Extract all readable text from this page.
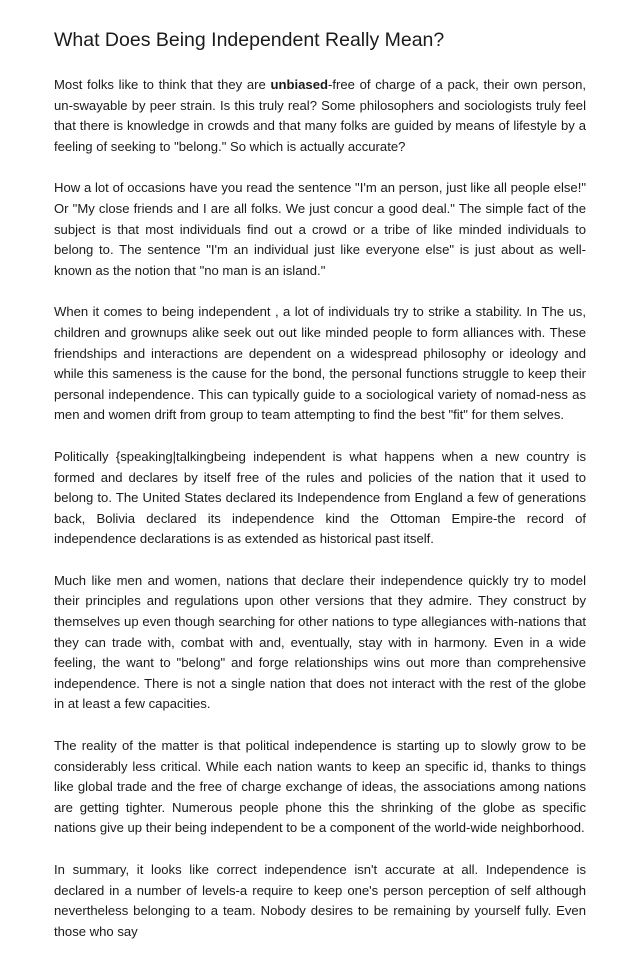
What Does Being Independent Really Mean?

Most folks like to think that they are unbiased-free of charge of a pack, their own person, un-swayable by peer strain. Is this truly real? Some philosophers and sociologists truly feel that there is knowledge in crowds and that many folks are guided by means of lifestyle by a feeling of seeking to "belong." So which is actually accurate?

How a lot of occasions have you read the sentence "I'm an person, just like all people else!" Or "My close friends and I are all folks. We just concur a good deal." The simple fact of the subject is that most individuals find out a crowd or a tribe of like minded individuals to belong to. The sentence "I'm an individual just like everyone else" is just about as well-known as the notion that "no man is an island."

When it comes to being independent , a lot of individuals try to strike a stability. In The us, children and grownups alike seek out out like minded people to form alliances with. These friendships and interactions are dependent on a widespread philosophy or ideology and while this sameness is the cause for the bond, the personal functions struggle to keep their personal independence. This can typically guide to a sociological variety of nomad-ness as men and women drift from group to team attempting to find the best "fit" for them selves.

Politically {speaking|talkingbeing independent is what happens when a new country is formed and declares by itself free of the rules and policies of the nation that it used to belong to. The United States declared its Independence from England a few of generations back, Bolivia declared its independence kind the Ottoman Empire-the record of independence declarations is as extended as historical past itself.

Much like men and women, nations that declare their independence quickly try to model their principles and regulations upon other versions that they admire. They construct by themselves up even though searching for other nations to type allegiances with-nations that they can trade with, combat with and, eventually, stay with in harmony. Even in a wide feeling, the want to "belong" and forge relationships wins out more than comprehensive independence. There is not a single nation that does not interact with the rest of the globe in at least a few capacities.

The reality of the matter is that political independence is starting up to slowly grow to be considerably less critical. While each nation wants to keep an specific id, thanks to things like global trade and the free of charge exchange of ideas, the associations among nations are getting tighter. Numerous people phone this the shrinking of the globe as specific nations give up their being independent to be a component of the world-wide neighborhood.

In summary, it looks like correct independence isn't accurate at all. Independence is declared in a number of levels-a require to keep one's person perception of self although nevertheless belonging to a team. Nobody desires to be remaining by yourself fully. Even those who say
